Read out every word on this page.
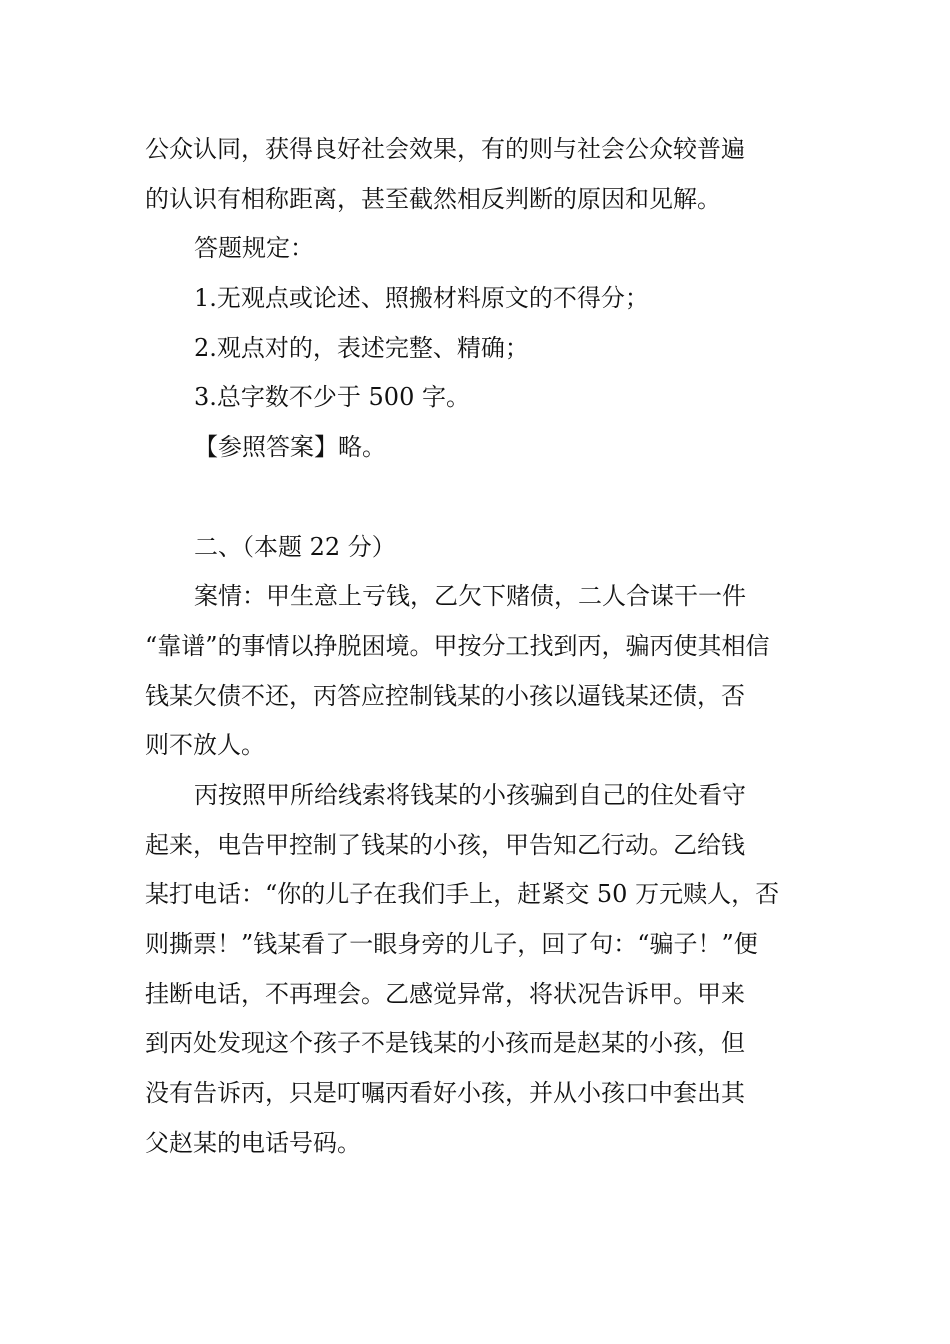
公众认同，获得良好社会效果，有的则与社会公众较普遍
的认识有相称距离，甚至截然相反判断的原因和见解。
答题规定：
1.无观点或论述、照搬材料原文的不得分；
2.观点对的，表述完整、精确；
3.总字数不少于 500 字。
【参照答案】略。
二、（本题 22 分）
案情：甲生意上亏钱，乙欠下赌债，二人合谋干一件
“靠谱”的事情以挣脱困境。甲按分工找到丙，骗丙使其相信
钱某欠债不还，丙答应控制钱某的小孩以逼钱某还债，否
则不放人。
丙按照甲所给线索将钱某的小孩骗到自己的住处看守
起来，电告甲控制了钱某的小孩，甲告知乙行动。乙给钱
某打电话：“你的儿子在我们手上，赶紧交 50 万元赎人，否
则撕票！”钱某看了一眼身旁的儿子，回了句：“骗子！”便
挂断电话，不再理会。乙感觉异常，将状况告诉甲。甲来
到丙处发现这个孩子不是钱某的小孩而是赵某的小孩，但
没有告诉丙，只是叮嘱丙看好小孩，并从小孩口中套出其
父赵某的电话号码。
